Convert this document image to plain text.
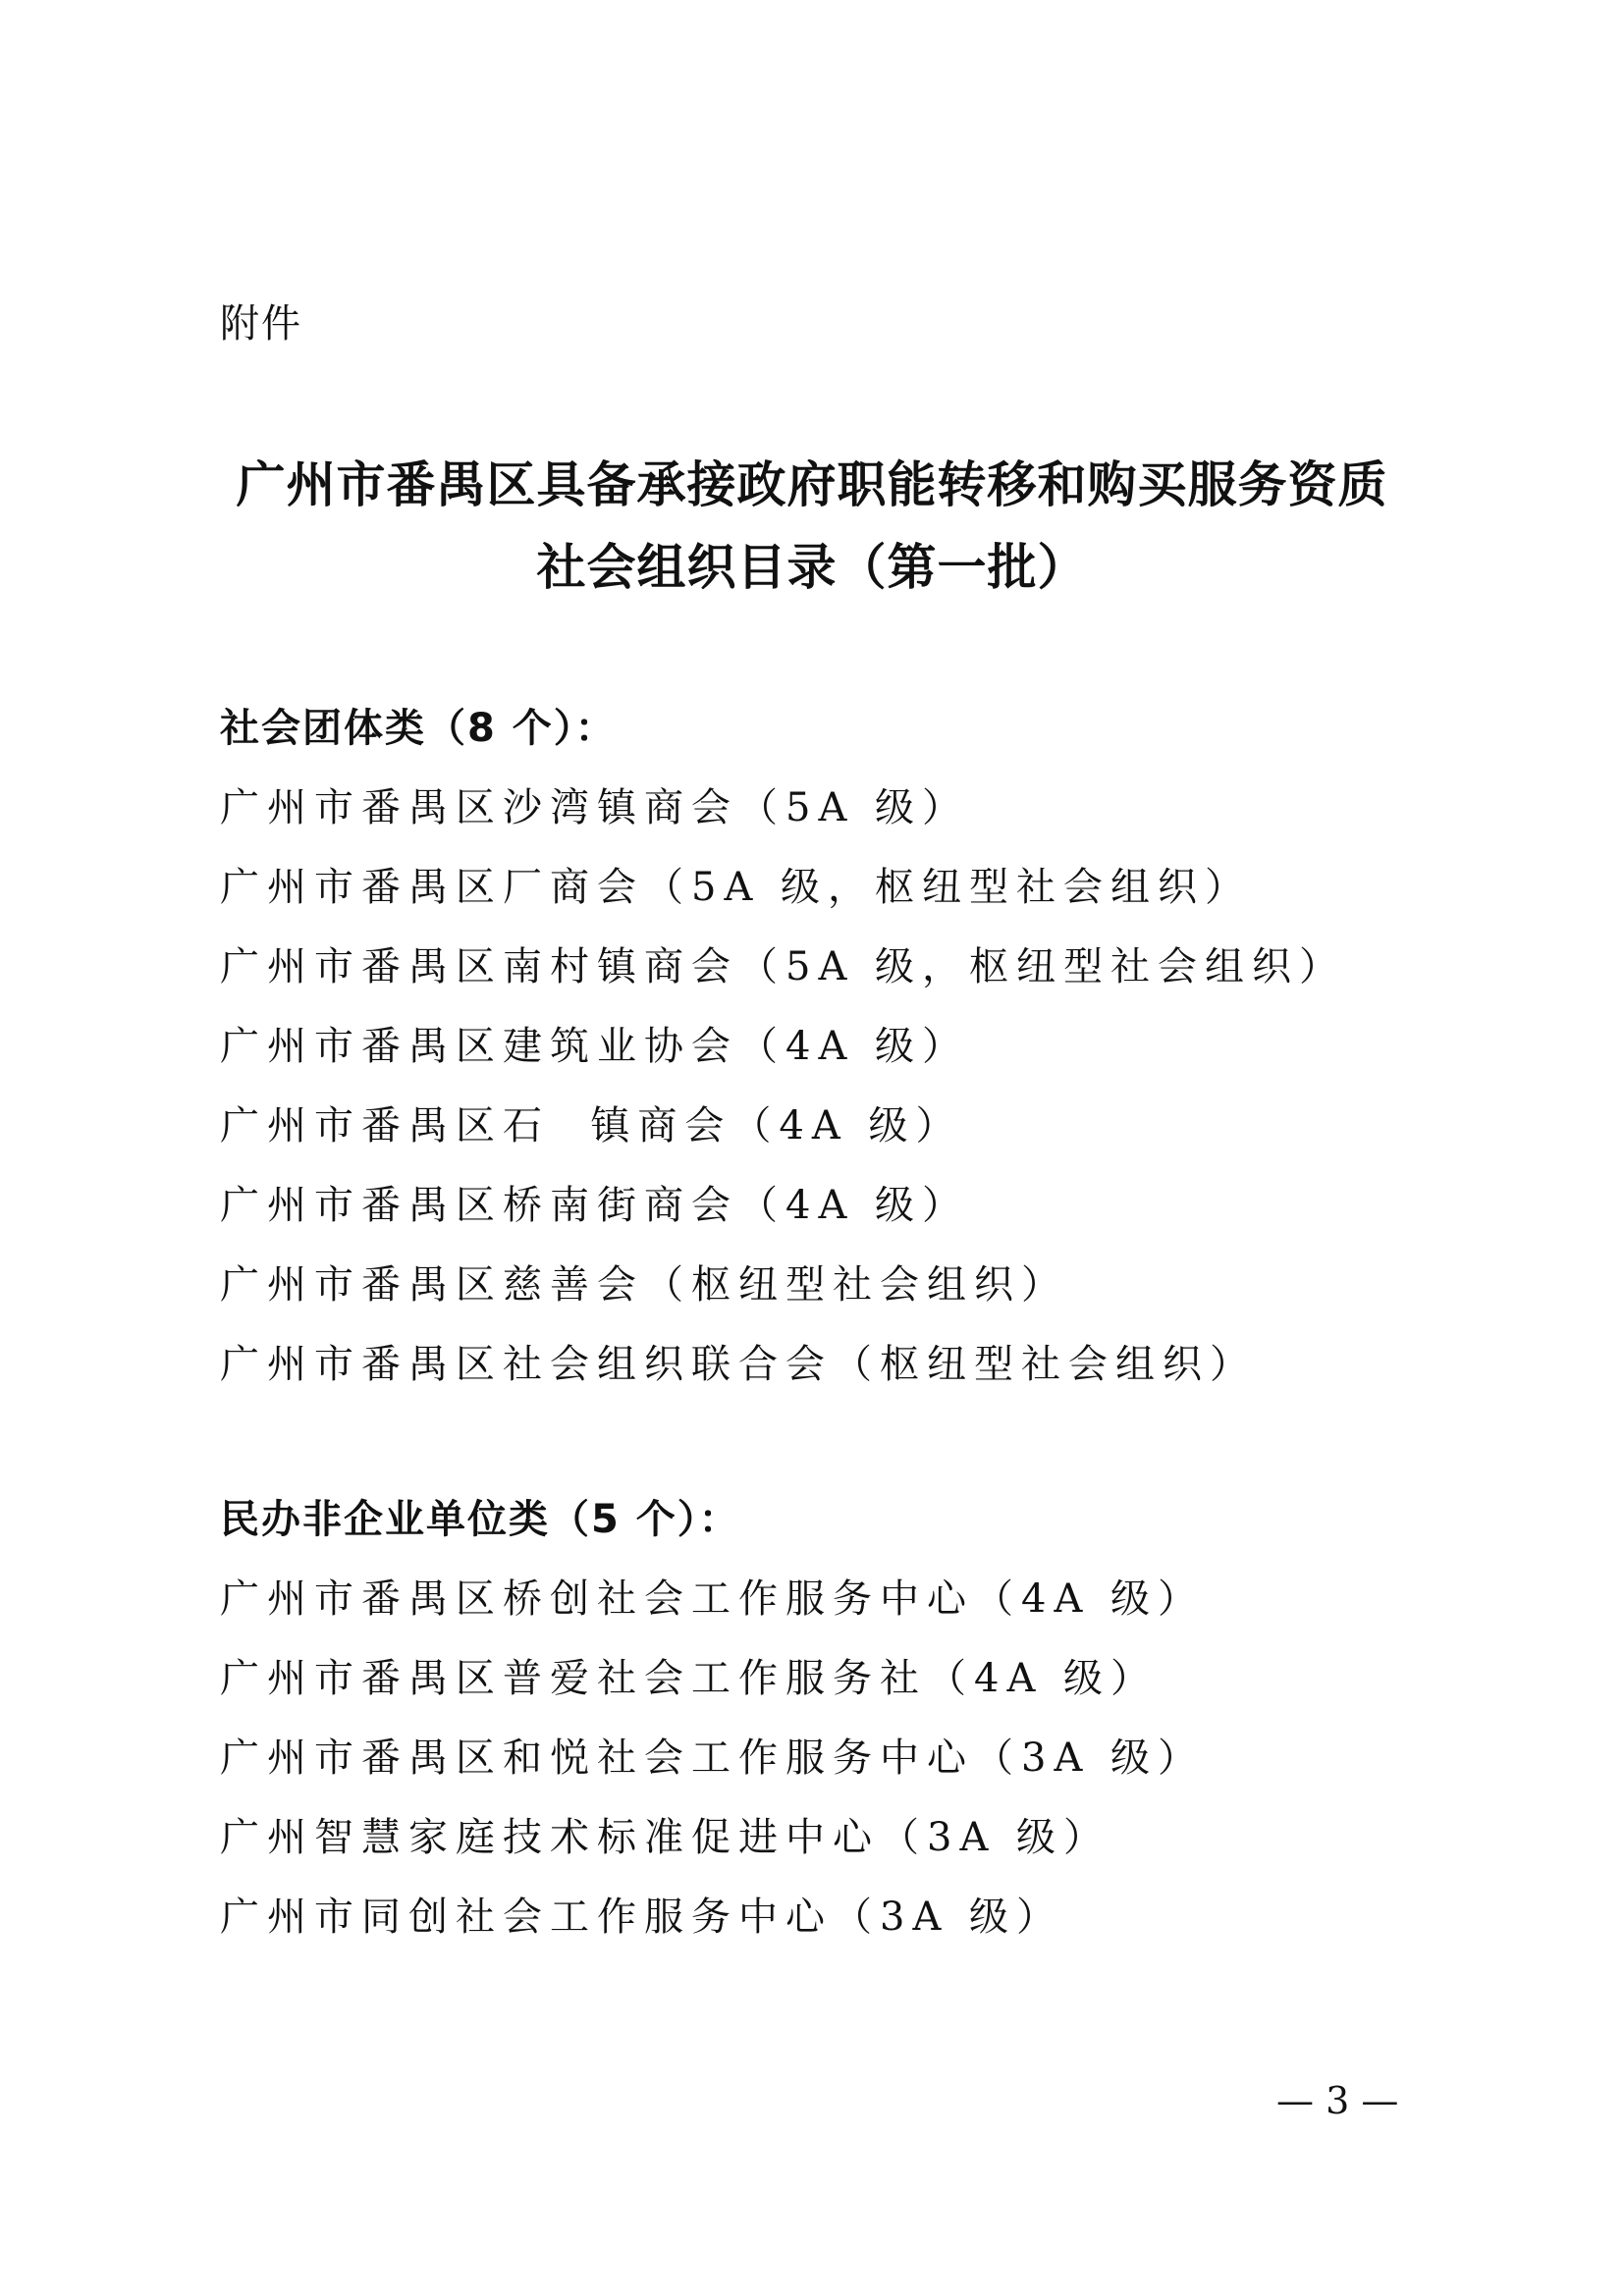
附件
广州市番禺区具备承接政府职能转移和购买服务资质
社会组织目录（第一批）
社会团体类（8 个）：
广州市番禺区沙湾镇商会（5A 级）
广州市番禺区厂商会（5A 级，枢纽型社会组织）
广州市番禺区南村镇商会（5A 级，枢纽型社会组织）
广州市番禺区建筑业协会（4A 级）
广州市番禺区石  镇商会（4A 级）
广州市番禺区桥南街商会（4A 级）
广州市番禺区慈善会（枢纽型社会组织）
广州市番禺区社会组织联合会（枢纽型社会组织）
民办非企业单位类（5 个）：
广州市番禺区桥创社会工作服务中心（4A 级）
广州市番禺区普爱社会工作服务社（4A 级）
广州市番禺区和悦社会工作服务中心（3A 级）
广州智慧家庭技术标准促进中心（3A 级）
广州市同创社会工作服务中心（3A 级）
— 3 —
